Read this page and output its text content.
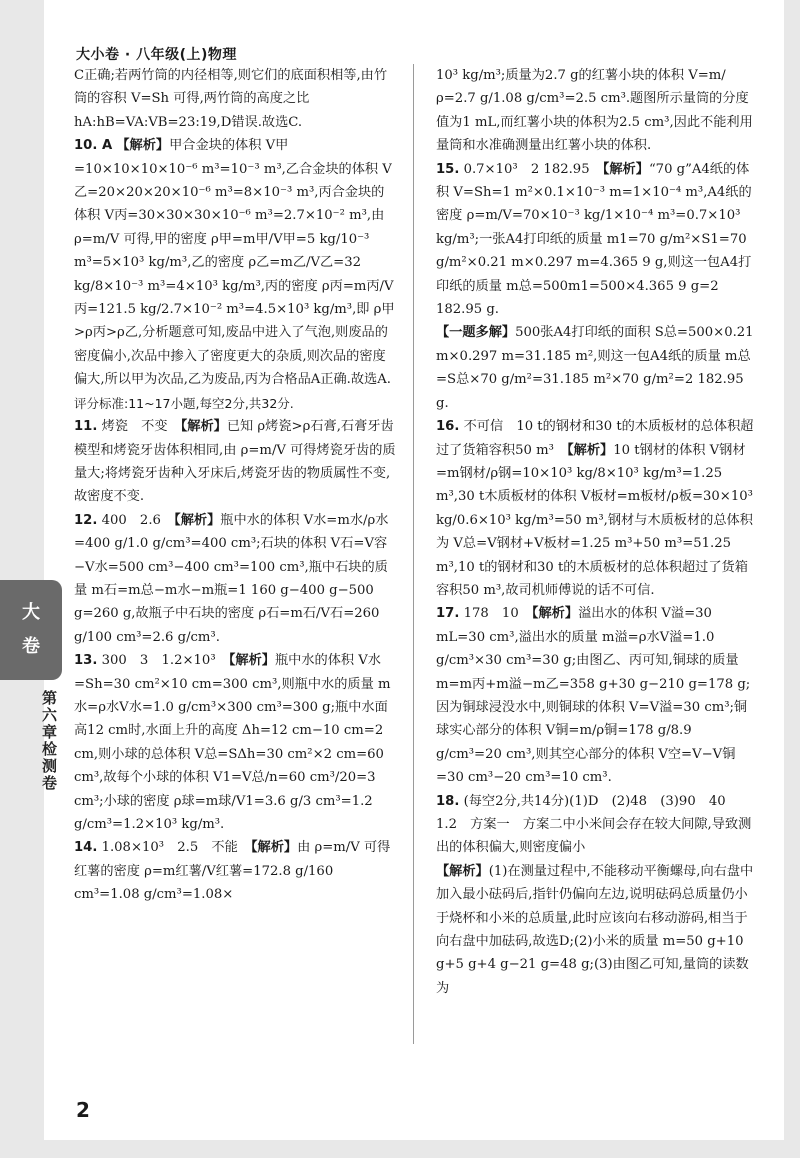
大小卷 · 八年级(上)物理
大
卷
第六章检测卷

C正确;若两竹筒的内径相等,则它们的底面积相等,由竹筒的容积 V=Sh 可得,两竹筒的高度之比 hA:hB=VA:VB=23:19,D错误.故选C.

10. A 【解析】甲合金块的体积 V甲=10×10×10×10⁻⁶ m³=10⁻³ m³,乙合金块的体积 V乙=20×20×20×10⁻⁶ m³=8×10⁻³ m³,丙合金块的体积 V丙=30×30×30×10⁻⁶ m³=2.7×10⁻² m³,由 ρ=m/V 可得,甲的密度 ρ甲=m甲/V甲=5 kg/10⁻³ m³=5×10³ kg/m³,乙的密度 ρ乙=m乙/V乙=32 kg/8×10⁻³ m³=4×10³ kg/m³,丙的密度 ρ丙=m丙/V丙=121.5 kg/2.7×10⁻² m³=4.5×10³ kg/m³,即 ρ甲>ρ丙>ρ乙,分析题意可知,废品中进入了气泡,则废品的密度偏小,次品中掺入了密度更大的杂质,则次品的密度偏大,所以甲为次品,乙为废品,丙为合格品A正确.故选A.

评分标准:11~17小题,每空2分,共32分.

11. 烤瓷　不变　【解析】已知 ρ烤瓷>ρ石膏,石膏牙齿模型和烤瓷牙齿体积相同,由 ρ=m/V 可得烤瓷牙齿的质量大;将烤瓷牙齿种入牙床后,烤瓷牙齿的物质属性不变,故密度不变.

12. 400　2.6　【解析】瓶中水的体积 V水=m水/ρ水=400 g/1.0 g/cm³=400 cm³;石块的体积 V石=V容−V水=500 cm³−400 cm³=100 cm³,瓶中石块的质量 m石=m总−m水−m瓶=1 160 g−400 g−500 g=260 g,故瓶子中石块的密度 ρ石=m石/V石=260 g/100 cm³=2.6 g/cm³.

13. 300　3　1.2×10³　【解析】瓶中水的体积 V水=Sh=30 cm²×10 cm=300 cm³,则瓶中水的质量 m水=ρ水V水=1.0 g/cm³×300 cm³=300 g;瓶中水面高12 cm时,水面上升的高度 Δh=12 cm−10 cm=2 cm,则小球的总体积 V总=SΔh=30 cm²×2 cm=60 cm³,故每个小球的体积 V1=V总/n=60 cm³/20=3 cm³;小球的密度 ρ球=m球/V1=3.6 g/3 cm³=1.2 g/cm³=1.2×10³ kg/m³.

14. 1.08×10³　2.5　不能　【解析】由 ρ=m/V 可得红薯的密度 ρ=m红薯/V红薯=172.8 g/160 cm³=1.08 g/cm³=1.08×

10³ kg/m³;质量为2.7 g的红薯小块的体积 V=m/ρ=2.7 g/1.08 g/cm³=2.5 cm³.题图所示量筒的分度值为1 mL,而红薯小块的体积为2.5 cm³,因此不能利用量筒和水准确测量出红薯小块的体积.

15. 0.7×10³　2 182.95　【解析】“70 g”A4纸的体积 V=Sh=1 m²×0.1×10⁻³ m=1×10⁻⁴ m³,A4纸的密度 ρ=m/V=70×10⁻³ kg/1×10⁻⁴ m³=0.7×10³ kg/m³;一张A4打印纸的质量 m1=70 g/m²×S1=70 g/m²×0.21 m×0.297 m=4.365 9 g,则这一包A4打印纸的质量 m总=500m1=500×4.365 9 g=2 182.95 g.

【一题多解】500张A4打印纸的面积 S总=500×0.21 m×0.297 m=31.185 m²,则这一包A4纸的质量 m总=S总×70 g/m²=31.185 m²×70 g/m²=2 182.95 g.

16. 不可信　10 t的钢材和30 t的木质板材的总体积超过了货箱容积50 m³　【解析】10 t钢材的体积 V钢材=m钢材/ρ钢=10×10³ kg/8×10³ kg/m³=1.25 m³,30 t木质板材的体积 V板材=m板材/ρ板=30×10³ kg/0.6×10³ kg/m³=50 m³,钢材与木质板材的总体积为 V总=V钢材+V板材=1.25 m³+50 m³=51.25 m³,10 t的钢材和30 t的木质板材的总体积超过了货箱容积50 m³,故司机师傅说的话不可信.

17. 178　10　【解析】溢出水的体积 V溢=30 mL=30 cm³,溢出水的质量 m溢=ρ水V溢=1.0 g/cm³×30 cm³=30 g;由图乙、丙可知,铜球的质量 m=m丙+m溢−m乙=358 g+30 g−210 g=178 g;因为铜球浸没水中,则铜球的体积 V=V溢=30 cm³;铜球实心部分的体积 V铜=m/ρ铜=178 g/8.9 g/cm³=20 cm³,则其空心部分的体积 V空=V−V铜=30 cm³−20 cm³=10 cm³.

18. (每空2分,共14分)(1)D　(2)48　(3)90　40　1.2　方案一　方案二中小米间会存在较大间隙,导致测出的体积偏大,则密度偏小

【解析】(1)在测量过程中,不能移动平衡螺母,向右盘中加入最小砝码后,指针仍偏向左边,说明砝码总质量仍小于烧杯和小米的总质量,此时应该向右移动游码,相当于向右盘中加砝码,故选D;(2)小米的质量 m=50 g+10 g+5 g+4 g−21 g=48 g;(3)由图乙可知,量筒的读数为

2
